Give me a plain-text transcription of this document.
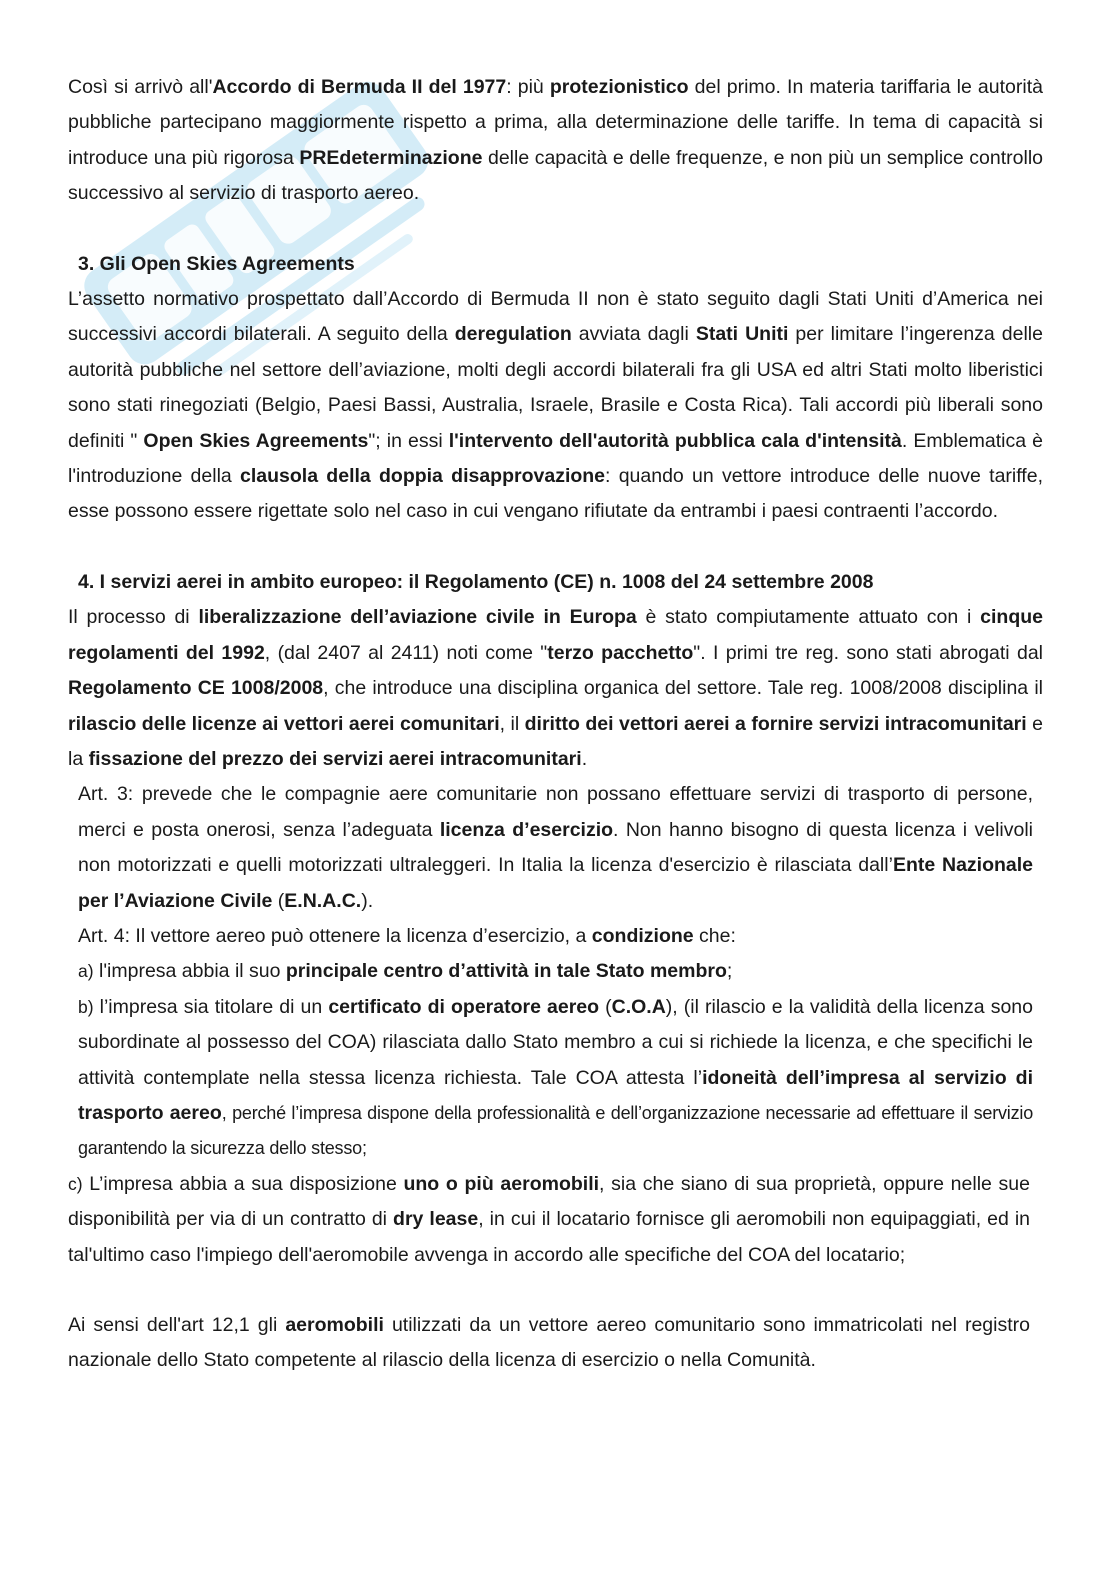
Così si arrivò all'Accordo di Bermuda II del 1977: più protezionistico del primo. In materia tariffaria le autorità pubbliche partecipano maggiormente rispetto a prima, alla determinazione delle tariffe. In tema di capacità si introduce una più rigorosa PREdeterminazione delle capacità e delle frequenze, e non più un semplice controllo successivo al servizio di trasporto aereo.

3. Gli Open Skies Agreements

L’assetto normativo prospettato dall’Accordo di Bermuda II non è stato seguito dagli Stati Uniti d’America nei successivi accordi bilaterali. A seguito della deregulation avviata dagli Stati Uniti per limitare l’ingerenza delle autorità pubbliche nel settore dell’aviazione, molti degli accordi bilaterali fra gli USA ed altri Stati molto liberistici sono stati rinegoziati (Belgio, Paesi Bassi, Australia, Israele, Brasile e Costa Rica). Tali accordi più liberali sono definiti " Open Skies Agreements"; in essi l'intervento dell'autorità pubblica cala d'intensità. Emblematica è l'introduzione della clausola della doppia disapprovazione: quando un vettore introduce delle nuove tariffe, esse possono essere rigettate solo nel caso in cui vengano rifiutate da entrambi i paesi contraenti l’accordo.

4. I servizi aerei in ambito europeo: il Regolamento (CE) n. 1008 del 24 settembre 2008

Il processo di liberalizzazione dell’aviazione civile in Europa è stato compiutamente attuato con i cinque regolamenti del 1992, (dal 2407 al 2411) noti come "terzo pacchetto". I primi tre reg. sono stati abrogati dal Regolamento CE 1008/2008, che introduce una disciplina organica del settore. Tale reg. 1008/2008 disciplina il rilascio delle licenze ai vettori aerei comunitari, il diritto dei vettori aerei a fornire servizi intracomunitari e la fissazione del prezzo dei servizi aerei intracomunitari.

Art. 3: prevede che le compagnie aere comunitarie non possano effettuare servizi di trasporto di persone, merci e posta onerosi, senza l’adeguata licenza d’esercizio. Non hanno bisogno di questa licenza i velivoli non motorizzati e quelli motorizzati ultraleggeri. In Italia la licenza d'esercizio è rilasciata dall’Ente Nazionale per l’Aviazione Civile (E.N.A.C.).

Art. 4: Il vettore aereo può ottenere la licenza d’esercizio, a condizione che:

a) l'impresa abbia il suo principale centro d’attività in tale Stato membro;

b) l’impresa sia titolare di un certificato di operatore aereo (C.O.A), (il rilascio e la validità della licenza sono subordinate al possesso del COA) rilasciata dallo Stato membro a cui si richiede la licenza, e che specifichi le attività contemplate nella stessa licenza richiesta. Tale COA attesta l’idoneità dell’impresa al servizio di trasporto aereo, perché l’impresa dispone della professionalità e dell’organizzazione necessarie ad effettuare il servizio garantendo la sicurezza dello stesso;

c) L’impresa abbia a sua disposizione uno o più aeromobili, sia che siano di sua proprietà, oppure nelle sue disponibilità per via di un contratto di dry lease, in cui il locatario fornisce gli aeromobili non equipaggiati, ed in tal'ultimo caso l'impiego dell'aeromobile avvenga in accordo alle specifiche del COA del locatario;

Ai sensi dell'art 12,1 gli aeromobili utilizzati da un vettore aereo comunitario sono immatricolati nel registro nazionale dello Stato competente al rilascio della licenza di esercizio o nella Comunità.
